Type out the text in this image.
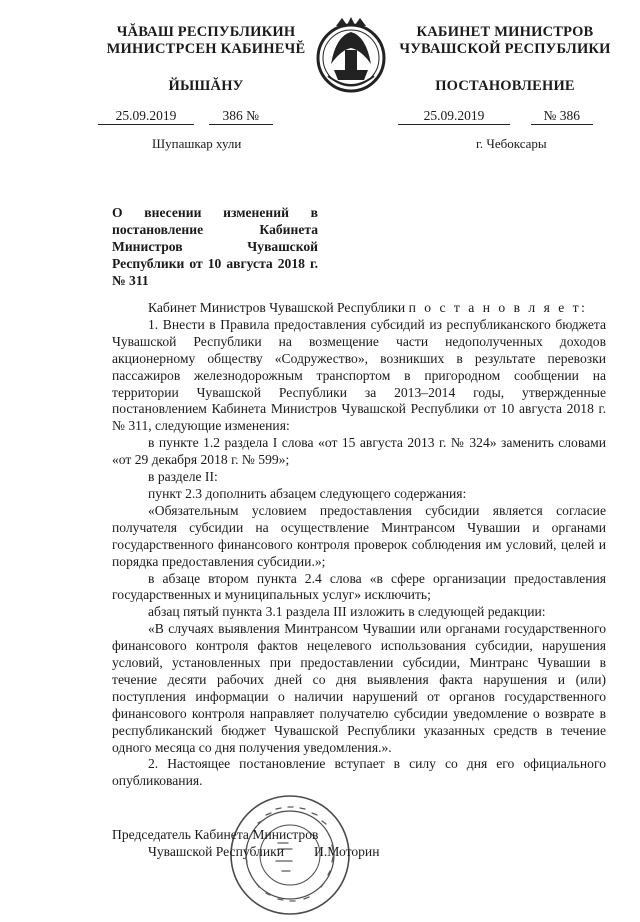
ЧĂВАШ РЕСПУБЛИКИН
МИНИСТРСЕН КАБИНЕЧĔ
ЙЫШĂНУ
КАБИНЕТ МИНИСТРОВ
ЧУВАШСКОЙ РЕСПУБЛИКИ
ПОСТАНОВЛЕНИЕ
25.09.2019	386 №	25.09.2019	№ 386
Шупашкар хули	г. Чебоксары
О внесении изменений в постановление Кабинета Министров Чувашской Республики от 10 августа 2018 г. № 311

Кабинет Министров Чувашской Республики п о с т а н о в л я е т:

1. Внести в Правила предоставления субсидий из республиканского бюджета Чувашской Республики на возмещение части недополученных доходов акционерному обществу «Содружество», возникших в результате перевозки пассажиров железнодорожным транспортом в пригородном сообщении на территории Чувашской Республики за 2013–2014 годы, утвержденные постановлением Кабинета Министров Чувашской Республики от 10 августа 2018 г. № 311, следующие изменения:

в пункте 1.2 раздела I слова «от 15 августа 2013 г. № 324» заменить словами «от 29 декабря 2018 г. № 599»;

в разделе II:

пункт 2.3 дополнить абзацем следующего содержания:

«Обязательным условием предоставления субсидии является согласие получателя субсидии на осуществление Минтрансом Чувашии и органами государственного финансового контроля проверок соблюдения им условий, целей и порядка предоставления субсидии.»;

в абзаце втором пункта 2.4 слова «в сфере организации предоставления государственных и муниципальных услуг» исключить;

абзац пятый пункта 3.1 раздела III изложить в следующей редакции:

«В случаях выявления Минтрансом Чувашии или органами государственного финансового контроля фактов нецелевого использования субсидии, нарушения условий, установленных при предоставлении субсидии, Минтранс Чувашии в течение десяти рабочих дней со дня выявления факта нарушения и (или) поступления информации о наличии нарушений от органов государственного финансового контроля направляет получателю субсидии уведомление о возврате в республиканский бюджет Чувашской Республики указанных средств в течение одного месяца со дня получения уведомления.».

2. Настоящее постановление вступает в силу со дня его официального опубликования.

Председатель Кабинета Министров
Чувашской Республики И.Моторин
